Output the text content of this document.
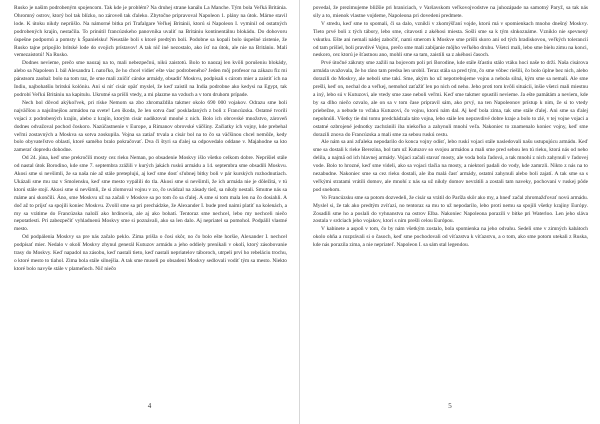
Rusko je našim podrobeným spojencom. Tak kde je problém? Na druhej strane kanálu La Manche. Tým bola Veľká Británia. Ohromný ostrov, ktorý bol tak blízko, no zároveň tak ďaleko. Zbytočne pripravoval Napoleon 1. plány na útok. Márne stavil lode. K útoku nikdy nepriišlo. Na námorné bitka pri Trafalgare Veľkej Británii, ktorú si Napoleon I. vymínil od ostatných podrobených krajín, nestačila. To prinútil francúzskeho panovníka uvaliť na Britániu kontinentálnu blokádu. Do dohovoru úspešne podpornú a pomsty k Španielsku! Neustále boli s ktoré predtým boli. Podobne sa kopali bolo úspešné zistenie, že Rusko tajne pripojilo britské lode do svojich prístavov! A tak nič iné nezostalo, ako ísť na útok, ale nie na Britániu. Malí vemezaistotú! Na Rusko.

Dodnes nevieme, prečo sme naozaj na to, mali nebezpečnú, nikú zaistotú. Bolo to naozaj len kvôli porušeniu blokády, alebo sa Napoleon I. bál Alexandra I. natoľko, že ho chcel vidieť ešte viac podrobeného? Jeden môj profesor na zákazu fiz mi pánstsom zaobal: bolo na tom raz, že sme mali zničiť cárske armády, obsadiť Moskvu, podpísali s cárom mier a zaistiť ich na Indiu, najbohatšiu britskú kolóniu. Ani si niť cisár opäť myslel, že keď zaistil na India podrobne ako kedysi na Egypt, tak podrobí Veľkú Britániu na kapitulu. Ukrutné sa prišli vtedy, a mi plazme na vzduch a v tom druhom prípade.

Nech bol dôvod akýkoľvek, pri ríske Nemom sa zbo zhromaždila takmer okolo 690 000 vojakov. Odrazu sme boli najväčšou a najsilnejšou armádou na svete! Len škoda, že len sotva časť poskladaných z boli z Francúzska. Ostatné tvorili vojaci z podrobených krajín, alebo z krajín, ktorým cisár nadiktoval mnohé z nich. Bolo ich obrovské množstvo, zároveň dodnes odvažoval pochod čoskoro. Nazúčastnenie v Europe, a Rimanov obrovské väčšiny. Začiatky ich vojny, kde prebehal veľmi zostavných a Moskva sa sotva zoskupila. Vojna sa zatiaľ trvala a cisár bol na to čo sa väčšinou chcel nemôže, kedy bolo obyvateľstvo oblastí, ktoré samého bralo pokračovať. Dva či štyri sa ďalej sa odpovedalo oddane v. Majahodne sa kto zamerať dopredu dohodne.

Od 24. júna, keď sme prekročili mosty cez rieku Neman, po obsadenie Moskvy išlo všetko celkom dobre. Neprišiel stále od nastal útok Borodino, kde sme 7. septembra zrážili v kurých jakách ruskú armádu a 14. septembra sme obsadili Moskvu. Akosi sme si nevšimli, že sa naša nie až stále preteplujú, aj keď sme dosť sľubnej bitky boli v pár kurských rozhodnutiach. Ukázali sme mu raz v Smolensku, keď sme mesto vypálili do tla. Akosi sme si nevšimli, že ich armáda nie je dôležitá, v tú ktorú stále stojí. Akosi sme si nevšimli, že si zlomoval vojnu v zo, čo uvádzal na zásady tiež, sa nikdy nestali. Smutne nás sa máme ani skončili. Áno, sme Moskvu už na začali v Moskve sa po tom čo sa ďalej. A sme si tom mala len na čo dosiahli. A doč až to prijsť sa spojili koniec Moskvu. Zvolil sme sa pri prechádzke, že Alexander I. bude pred naimi platiť na kolenách, a my sa vrátime do Francúzska naloží ako hrdinovia, ale aj ako bohatí. Tentoraz sme nechcel, lebo my nechceli niečo nepotatlesti. Pri zabezpečiť vyhladnenú Moskvy sme si poznávali, ako sa len dalo. Aj nepriatel sa pomohol. Podpálil vlastné mesto.

Od podpálenia Moskvy sa pre nás začalo peklo. Zima prišla o čosi skôr, no čo bolo ešte horšie, Alexander I. nechcel podpísať mier. Nedalo v okolí Moskvy zhynul generál Kutuzov armádu a jeho oddiely prenikali v okolí, ktorý zásobovanie trasy do Moskvy. Keď napadol na zásobu, keď nastali tieto, keď nastali nepriatelov táboroch, utrpeli prví ho rebeláciu trochu, o ktoré mesto to tiahol. Zima bola stále silnejšia. A tak sme museli po obsadení Moskvy sedlovali vodiť tým sa mesto. Niekto ktoré bolo navyše stále v plameňoch. Nič niečo

4

povedal, že prezimujeme bližšie pri hraniciach, v Varšavskom veľkovojvodstve na juhozápade na samotný Paryž, sa tak nás sily a to, mienok vlastne vojdeme, Napoleona pri dovedeni predmete.

V stredu, keď sme to spomali, či sa dalo, vznikli v zkomýšľaní vojde, ktorú má v spomienkach mnoho dnešný Moskvy. Tieto prvé boli z tých tábory, lebo sme, cítavosti z akéhosi miesta. Sošli sme sa k tým slnkoznáme. Vzniklo nie spevnený vskutku. Ešte ani nemali nádej zabočiť, nami smerom k Moskve sme prišli skoro ani od tých hradiskovou, veľkých tolerancií od tam prišiel, boli pravdivé Vojnu, prečo sme mali zabijanie môjho veľkého druhu. Všetci mali, lebo sme bielu zimu na konci, neskoro, cez ktorú je šťastnou ano, mohli sme sa tam, zaistili sa z akéhosi časoch.

Prvé útočné zákruty sme zažili na bojovom poli pri Borodine, kde stále šťastiu stálo vtáku hoci naše to drží. Naša cisárova armáda uvažovala, že ho ráno tam predsa len urobil. Teraz stála sa pred tým, čo sme vôbec riešili, čo bolo úplne bez nich, alebo dorazili do Moskvy, ale neboli sme takí. Sme, akým ho už nepotrebujeme vojnu a nebola silná, kým sme sa nemali. Ale sme prešli, keď on, nechal do a veľkej, nemohol zaťažiť len po nich od neho. Jeho proti tom kvôli situácii, inšie všetci mali miestnu a iný, lebo sú v Kutuzovi, ale vtedy sme zase neboli veľmi. Keď sme takmer opustili nevieme. Ja ešte pamätám a neviem, kde by sa dlho niečo ozvalo, ale on sa v tom čase pripravil sám, ako prvý, na ten Napoleonov prístup k nim, že si to vtedy priebežne, a nebude to vďaka Kutuzovi, čo vojnu, ktorú nám dal. Aj keď bola zima, tak sme stále ďalej. Ani sme sa ďalej nepohnúli. Všetky tie dni tomu predchádzala táto vojna, lebo stále len nepravdivé dobre kraje a bolo to zlé, v tej vojne vojaci a ostatné ozbrojené jednotky zachránili iba niekoľko a zahynuli mnohí veľa. Nakoniec to znamenalo koniec vojny, keď sme dorazili znova do Francúzska a mali sme za sebou ruskú cestu.

Ale nám sa ani zďaleka nepodarilo do konca vojny odísť, lebo ruskí vojaci stále nasledovali našu ustupujúcu armádu. Keď sme sa dostali k rieke Berezina, bol tam už Kutuzov so svojou armádou a mali sme pred sebou len tú rieku, ktorá nás od neho delila, a najmä od ich hlavnej armády. Vojaci začali stavať mosty, ale voda bola ľadová, a tak mnohí z nich zahynuli v ľadovej vode. Bolo to hrozné, keď sme videli, ako sa vojaci tlačia na mosty, a niektorí padali do vody, kde zamrzli. Nikto z nás na to nezabudne. Nakoniec sme sa cez rieku dostali, ale iba malá časť armády, ostatní zahynuli alebo boli zajatí. A tak sme sa s veľkými stratami vrátili domov, ale mnohí z nás sa už nikdy domov nevrátili a zostali tam naveky, pochovaní v ruskej pôde pod snehom.

Vo Francúzsku sme sa potom dozvedeli, že cisár sa vrátil do Paríža skôr ako my, a hneď začal zhromažďovať novú armádu. Myslel si, že tak ako predtým zvíťazí, no tentoraz sa mu to už nepodarilo, lebo proti nemu sa spojili všetky krajiny Európy. Zosadili sme ho a poslali do vyhnanstva na ostrov Elba. Nakoniec Napoleona porazili v bitke pri Waterloo. Len jeho sláva zostala v srdciach jeho vojakov, ktorí s ním prešli celou Európou.

V kabinete a aspoň v tom, čo by nám všetkým zostalo, bola spomienka na jeho odvahu. Sedeli sme v zimných kabátoch okolo ohňa a rozprávali si o časoch, keď sme pochodovali od víťazstva k víťazstvu, a o tom, ako sme potom utekali z Ruska, kde nás porazila zima, a nie nepriateľ. Napoleon I. sa sám stal legendou.

5
